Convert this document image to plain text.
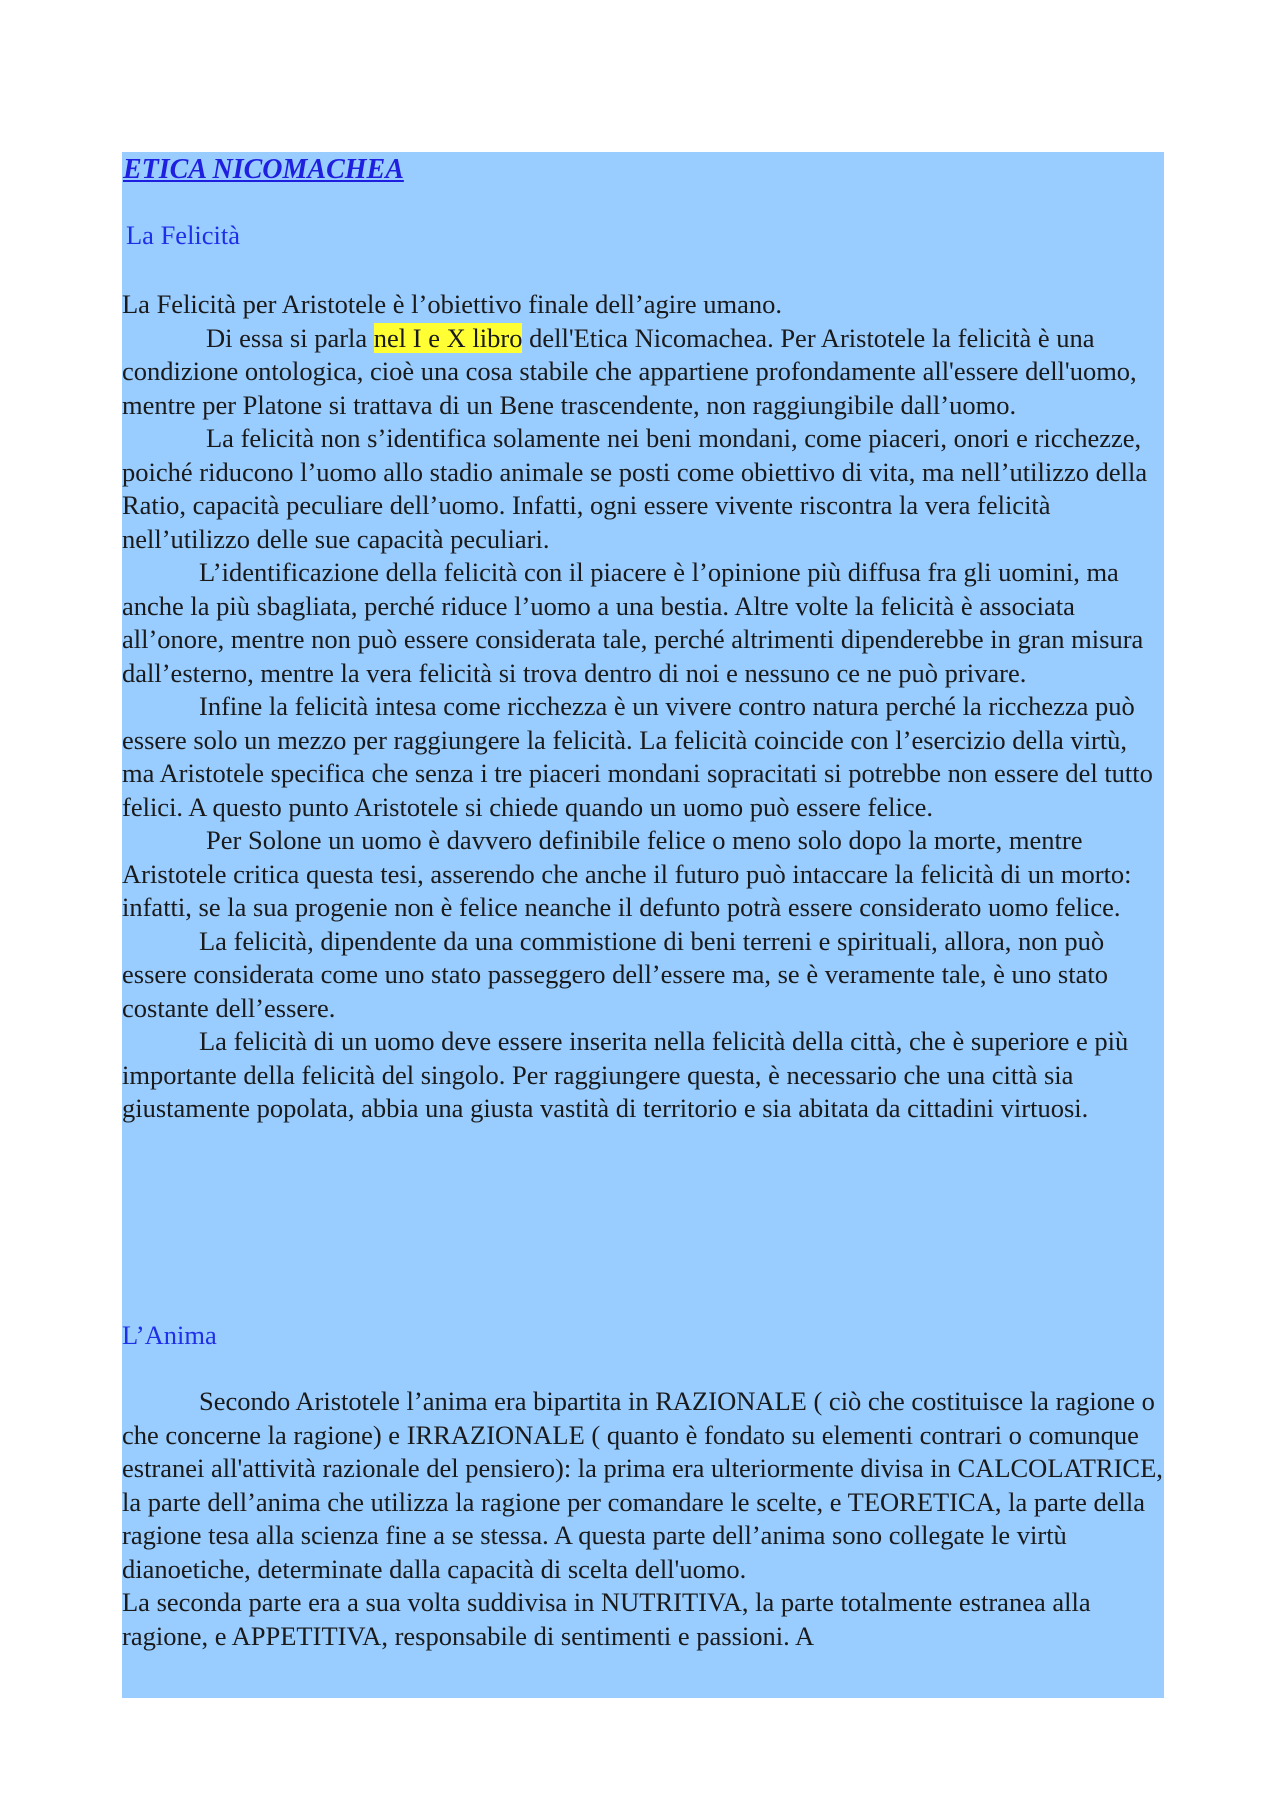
ETICA NICOMACHEA
La Felicità

La Felicità per Aristotele è l’obiettivo finale dell’agire umano.

Di essa si parla nel I e X libro dell'Etica Nicomachea. Per Aristotele la felicità è una condizione ontologica, cioè una cosa stabile che appartiene profondamente all'essere dell'uomo, mentre per Platone si trattava di un Bene trascendente, non raggiungibile dall’uomo.

La felicità non s’identifica solamente nei beni mondani, come piaceri, onori e ricchezze, poiché riducono l’uomo allo stadio animale se posti come obiettivo di vita, ma nell’utilizzo della Ratio, capacità peculiare dell’uomo. Infatti, ogni essere vivente riscontra la vera felicità nell’utilizzo delle sue capacità peculiari.

L’identificazione della felicità con il piacere è l’opinione più diffusa fra gli uomini, ma anche la più sbagliata, perché riduce l’uomo a una bestia. Altre volte la felicità è associata all’onore, mentre non può essere considerata tale, perché altrimenti dipenderebbe in gran misura dall’esterno, mentre la vera felicità si trova dentro di noi e nessuno ce ne può privare.

Infine la felicità intesa come ricchezza è un vivere contro natura perché la ricchezza può essere solo un mezzo per raggiungere la felicità. La felicità coincide con l’esercizio della virtù, ma Aristotele specifica che senza i tre piaceri mondani sopracitati si potrebbe non essere del tutto felici. A questo punto Aristotele si chiede quando un uomo può essere felice.

Per Solone un uomo è davvero definibile felice o meno solo dopo la morte, mentre Aristotele critica questa tesi, asserendo che anche il futuro può intaccare la felicità di un morto: infatti, se la sua progenie non è felice neanche il defunto potrà essere considerato uomo felice.

La felicità, dipendente da una commistione di beni terreni e spirituali, allora, non può essere considerata come uno stato passeggero dell’essere ma, se è veramente tale, è uno stato costante dell’essere.

La felicità di un uomo deve essere inserita nella felicità della città, che è superiore e più importante della felicità del singolo. Per raggiungere questa, è necessario che una città sia giustamente popolata, abbia una giusta vastità di territorio e sia abitata da cittadini virtuosi.

L’Anima

Secondo Aristotele l’anima era bipartita in RAZIONALE ( ciò che costituisce la ragione o che concerne la ragione) e IRRAZIONALE ( quanto è fondato su elementi contrari o comunque estranei all'attività razionale del pensiero): la prima era ulteriormente divisa in CALCOLATRICE, la parte dell’anima che utilizza la ragione per comandare le scelte, e TEORETICA, la parte della ragione tesa alla scienza fine a se stessa. A questa parte dell’anima sono collegate le virtù dianoetiche, determinate dalla capacità di scelta dell'uomo.

La seconda parte era a sua volta suddivisa in NUTRITIVA, la parte totalmente estranea alla ragione, e APPETITIVA, responsabile di sentimenti e passioni. A
